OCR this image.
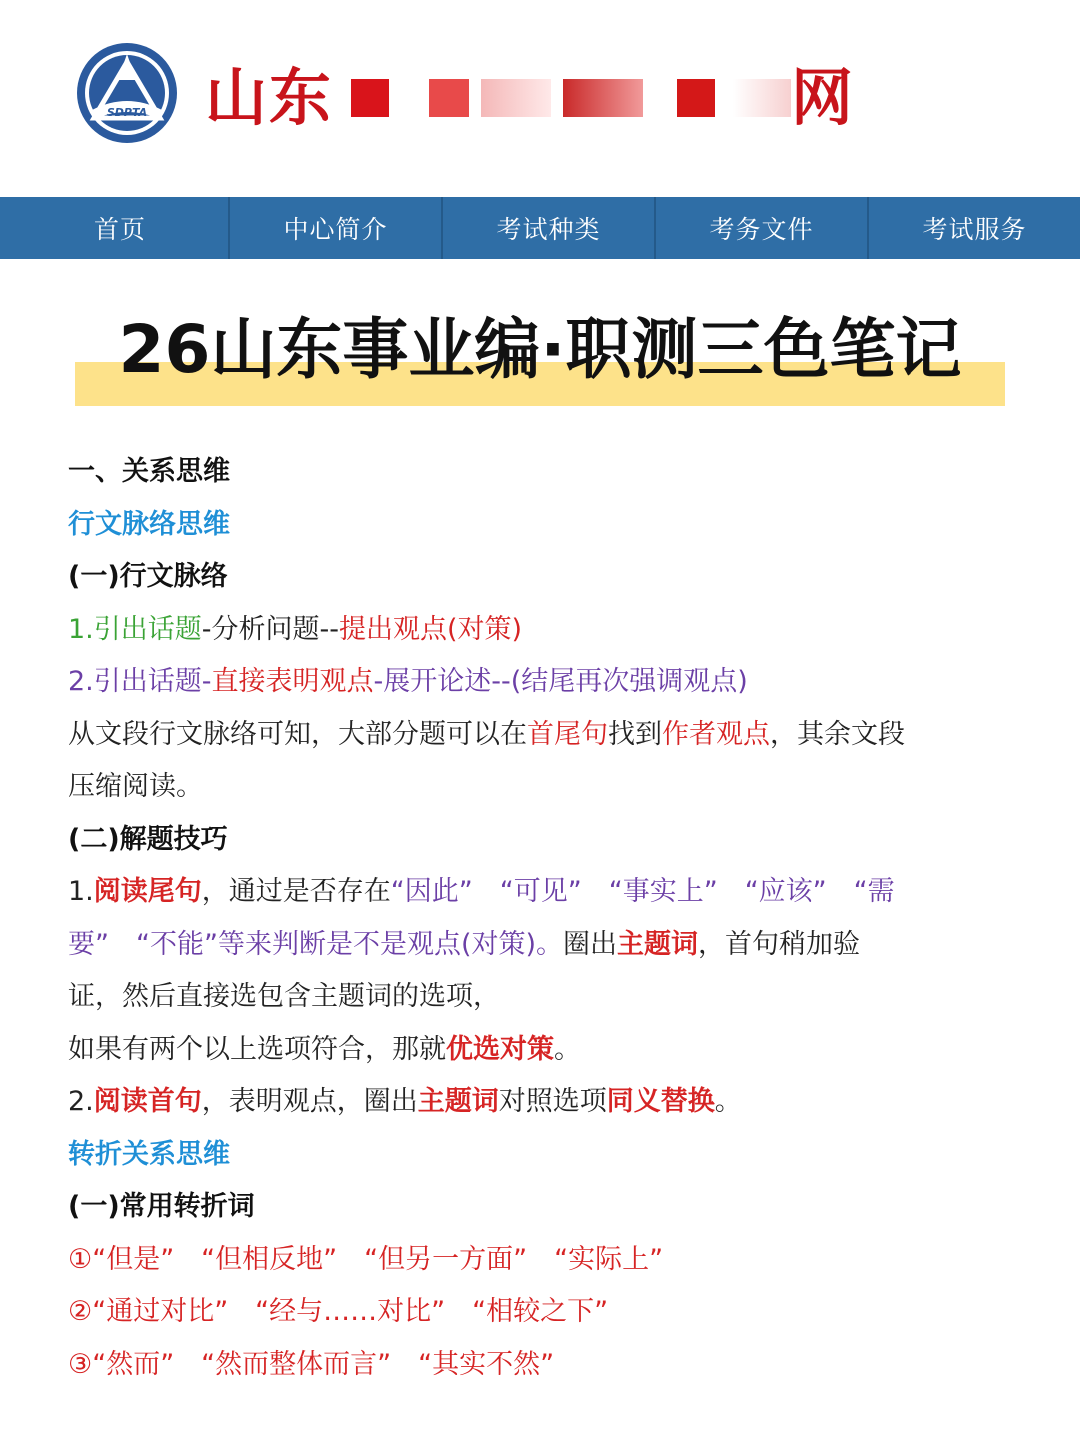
SDPTA 山东	网
首页	中心简介	考试种类	考务文件	考试服务
26山东事业编·职测三色笔记

一、关系思维

行文脉络思维

(一)行文脉络

1.引出话题-分析问题--提出观点(对策)

2.引出话题-直接表明观点-展开论述--(结尾再次强调观点)

从文段行文脉络可知，大部分题可以在首尾句找到作者观点，其余文段

压缩阅读。

(二)解题技巧

1.阅读尾句，通过是否存在“因此”　“可见”　“事实上”　“应该”　“需

要”　“不能”等来判断是不是观点(对策)。圈出主题词，首句稍加验

证，然后直接选包含主题词的选项，

如果有两个以上选项符合，那就优选对策。

2.阅读首句，表明观点，圈出主题词对照选项同义替换。

转折关系思维

(一)常用转折词

①“但是”　“但相反地”　“但另一方面”　“实际上”

②“通过对比”　“经与……对比”　“相较之下”

③“然而”　“然而整体而言”　“其实不然”
